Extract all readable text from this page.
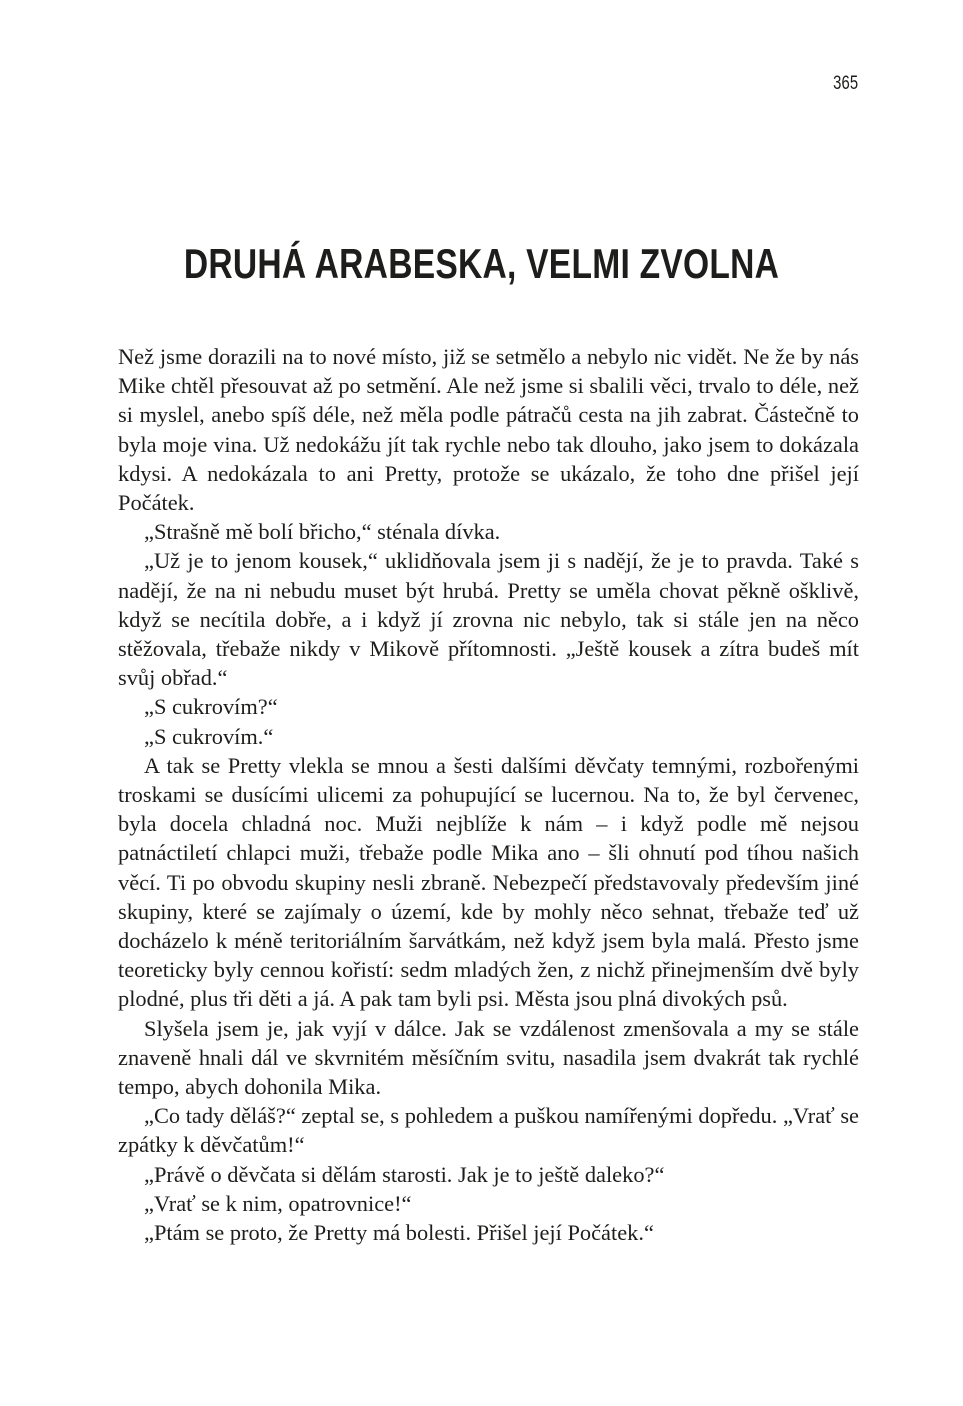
365
DRUHÁ ARABESKA, VELMI ZVOLNA

Než jsme dorazili na to nové místo, již se setmělo a nebylo nic vidět. Ne že by nás Mike chtěl přesouvat až po setmění. Ale než jsme si sbalili věci, trvalo to déle, než si myslel, anebo spíš déle, než měla podle pátračů cesta na jih zabrat. Částečně to byla moje vina. Už nedokážu jít tak rychle nebo tak dlouho, jako jsem to dokázala kdysi. A nedokázala to ani Pretty, protože se ukázalo, že toho dne přišel její Počátek.

„Strašně mě bolí břicho,“ sténala dívka.

„Už je to jenom kousek,“ uklidňovala jsem ji s nadějí, že je to pravda. Také s nadějí, že na ni nebudu muset být hrubá. Pretty se uměla chovat pěkně ošklivě, když se necítila dobře, a i když jí zrovna nic nebylo, tak si stále jen na něco stěžovala, třebaže nikdy v Mikově přítomnosti. „Ještě kousek a zítra budeš mít svůj obřad.“

„S cukrovím?“

„S cukrovím.“

A tak se Pretty vlekla se mnou a šesti dalšími děvčaty temnými, rozbořenými troskami se dusícími ulicemi za pohupující se lucernou. Na to, že byl červenec, byla docela chladná noc. Muži nejblíže k nám – i když podle mě nejsou patnáctiletí chlapci muži, třebaže podle Mika ano – šli ohnutí pod tíhou našich věcí. Ti po obvodu skupiny nesli zbraně. Nebezpečí představovaly především jiné skupiny, které se zajímaly o území, kde by mohly něco sehnat, třebaže teď už docházelo k méně teritoriálním šarvátkám, než když jsem byla malá. Přesto jsme teoreticky byly cennou kořistí: sedm mladých žen, z nichž přinejmenším dvě byly plodné, plus tři děti a já. A pak tam byli psi. Města jsou plná divokých psů.

Slyšela jsem je, jak vyjí v dálce. Jak se vzdálenost zmenšovala a my se stále znaveně hnali dál ve skvrnitém měsíčním svitu, nasadila jsem dvakrát tak rychlé tempo, abych dohonila Mika.

„Co tady děláš?“ zeptal se, s pohledem a puškou namířenými dopředu. „Vrať se zpátky k děvčatům!“

„Právě o děvčata si dělám starosti. Jak je to ještě daleko?“

„Vrať se k nim, opatrovnice!“

„Ptám se proto, že Pretty má bolesti. Přišel její Počátek.“
